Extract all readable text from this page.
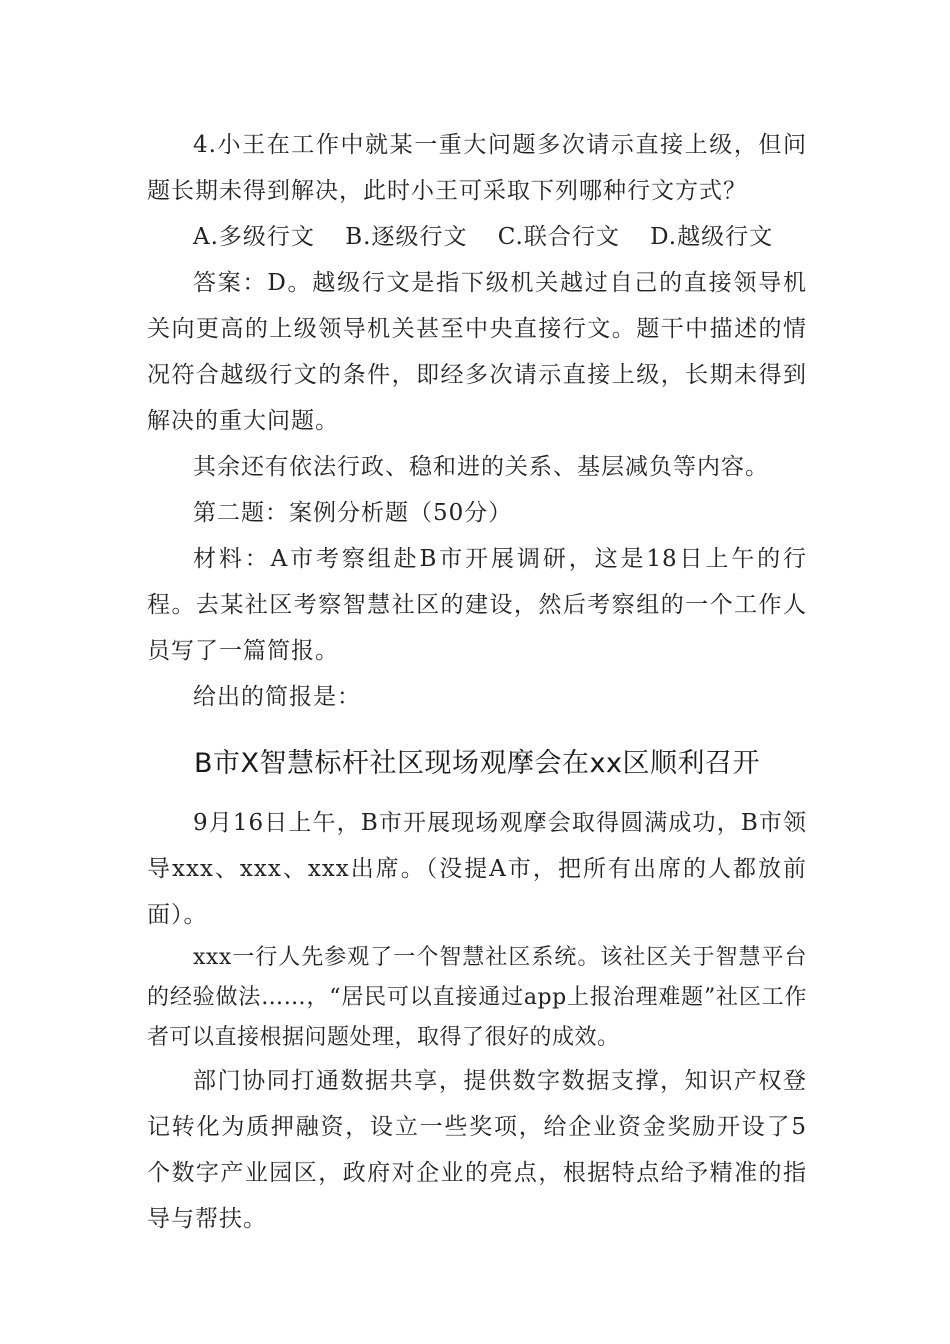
4.小王在工作中就某一重大问题多次请示直接上级，但问题长期未得到解决，此时小王可采取下列哪种行文方式？

A.多级行文 B.逐级行文 C.联合行文 D.越级行文

答案：D。越级行文是指下级机关越过自己的直接领导机关向更高的上级领导机关甚至中央直接行文。题干中描述的情况符合越级行文的条件，即经多次请示直接上级，长期未得到解决的重大问题。

其余还有依法行政、稳和进的关系、基层减负等内容。

第二题：案例分析题（50分）

材料：A市考察组赴B市开展调研，这是18日上午的行程。去某社区考察智慧社区的建设，然后考察组的一个工作人员写了一篇简报。

给出的简报是：

B市X智慧标杆社区现场观摩会在xx区顺利召开

9月16日上午，B市开展现场观摩会取得圆满成功，B市领导xxx、xxx、xxx出席。（没提A市，把所有出席的人都放前面）。

xxx一行人先参观了一个智慧社区系统。该社区关于智慧平台的经验做法……，“居民可以直接通过app上报治理难题”社区工作者可以直接根据问题处理，取得了很好的成效。

部门协同打通数据共享，提供数字数据支撑，知识产权登记转化为质押融资，设立一些奖项，给企业资金奖励开设了5个数字产业园区，政府对企业的亮点，根据特点给予精准的指导与帮扶。
